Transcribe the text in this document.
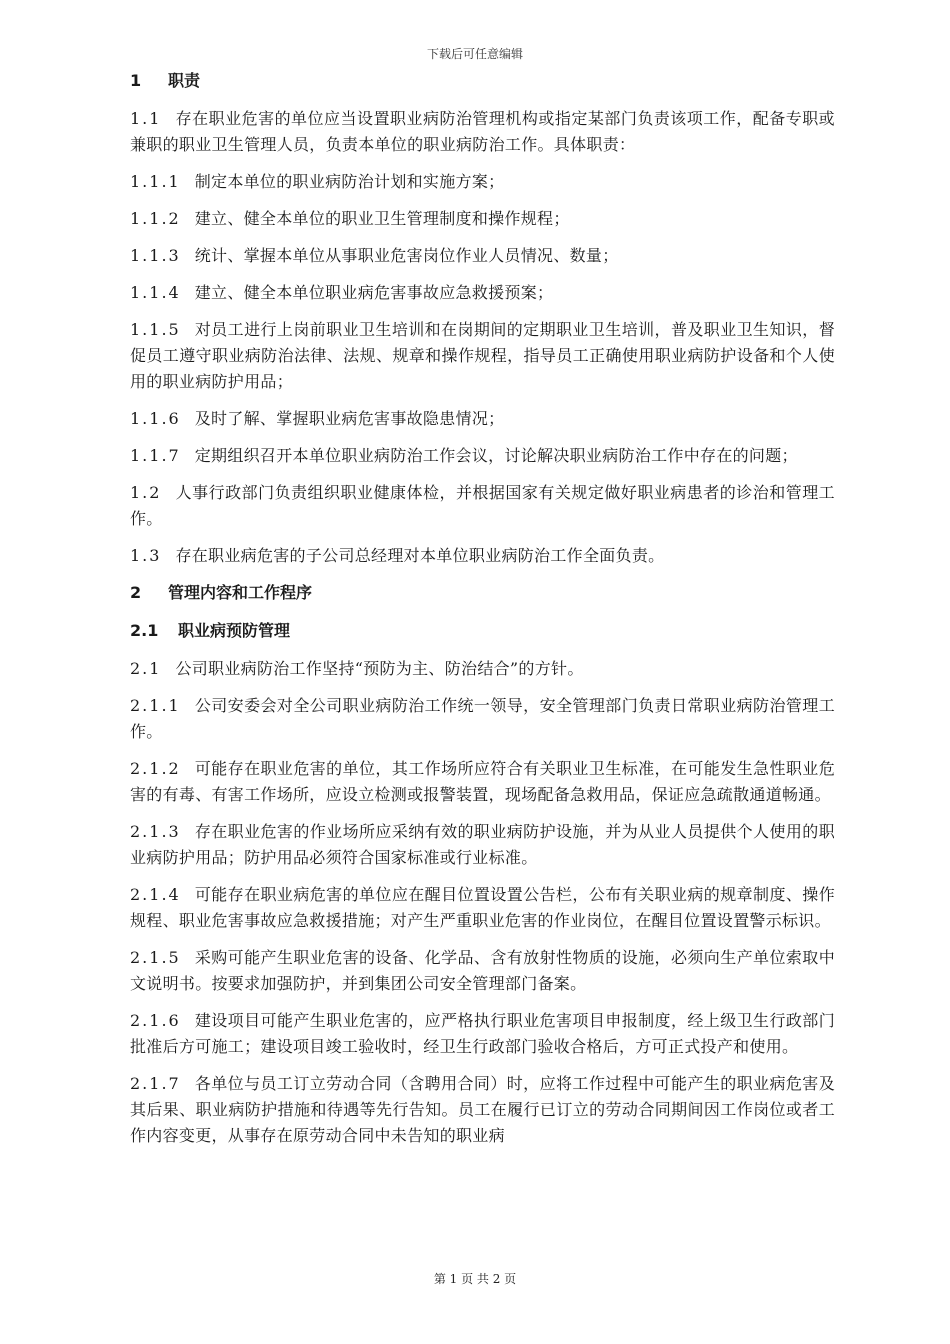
下载后可任意编辑
1	职责
1.1 存在职业危害的单位应当设置职业病防治管理机构或指定某部门负责该项工作，配备专职或兼职的职业卫生管理人员，负责本单位的职业病防治工作。具体职责：
1.1.1 制定本单位的职业病防治计划和实施方案；
1.1.2 建立、健全本单位的职业卫生管理制度和操作规程；
1.1.3 统计、掌握本单位从事职业危害岗位作业人员情况、数量；
1.1.4 建立、健全本单位职业病危害事故应急救援预案；
1.1.5 对员工进行上岗前职业卫生培训和在岗期间的定期职业卫生培训，普及职业卫生知识，督促员工遵守职业病防治法律、法规、规章和操作规程，指导员工正确使用职业病防护设备和个人使用的职业病防护用品；
1.1.6 及时了解、掌握职业病危害事故隐患情况；
1.1.7 定期组织召开本单位职业病防治工作会议，讨论解决职业病防治工作中存在的问题；
1.2 人事行政部门负责组织职业健康体检，并根据国家有关规定做好职业病患者的诊治和管理工作。
1.3 存在职业病危害的子公司总经理对本单位职业病防治工作全面负责。
2	管理内容和工作程序
2.1	职业病预防管理
2.1 公司职业病防治工作坚持“预防为主、防治结合”的方针。
2.1.1 公司安委会对全公司职业病防治工作统一领导，安全管理部门负责日常职业病防治管理工作。
2.1.2 可能存在职业危害的单位，其工作场所应符合有关职业卫生标准，在可能发生急性职业危害的有毒、有害工作场所，应设立检测或报警装置，现场配备急救用品，保证应急疏散通道畅通。
2.1.3 存在职业危害的作业场所应采纳有效的职业病防护设施，并为从业人员提供个人使用的职业病防护用品；防护用品必须符合国家标准或行业标准。
2.1.4 可能存在职业病危害的单位应在醒目位置设置公告栏，公布有关职业病的规章制度、操作规程、职业危害事故应急救援措施；对产生严重职业危害的作业岗位，在醒目位置设置警示标识。
2.1.5 采购可能产生职业危害的设备、化学品、含有放射性物质的设施，必须向生产单位索取中文说明书。按要求加强防护，并到集团公司安全管理部门备案。
2.1.6 建设项目可能产生职业危害的，应严格执行职业危害项目申报制度，经上级卫生行政部门批准后方可施工；建设项目竣工验收时，经卫生行政部门验收合格后，方可正式投产和使用。
2.1.7 各单位与员工订立劳动合同（含聘用合同）时，应将工作过程中可能产生的职业病危害及其后果、职业病防护措施和待遇等先行告知。员工在履行已订立的劳动合同期间因工作岗位或者工作内容变更，从事存在原劳动合同中未告知的职业病
第 1 页 共 2 页
